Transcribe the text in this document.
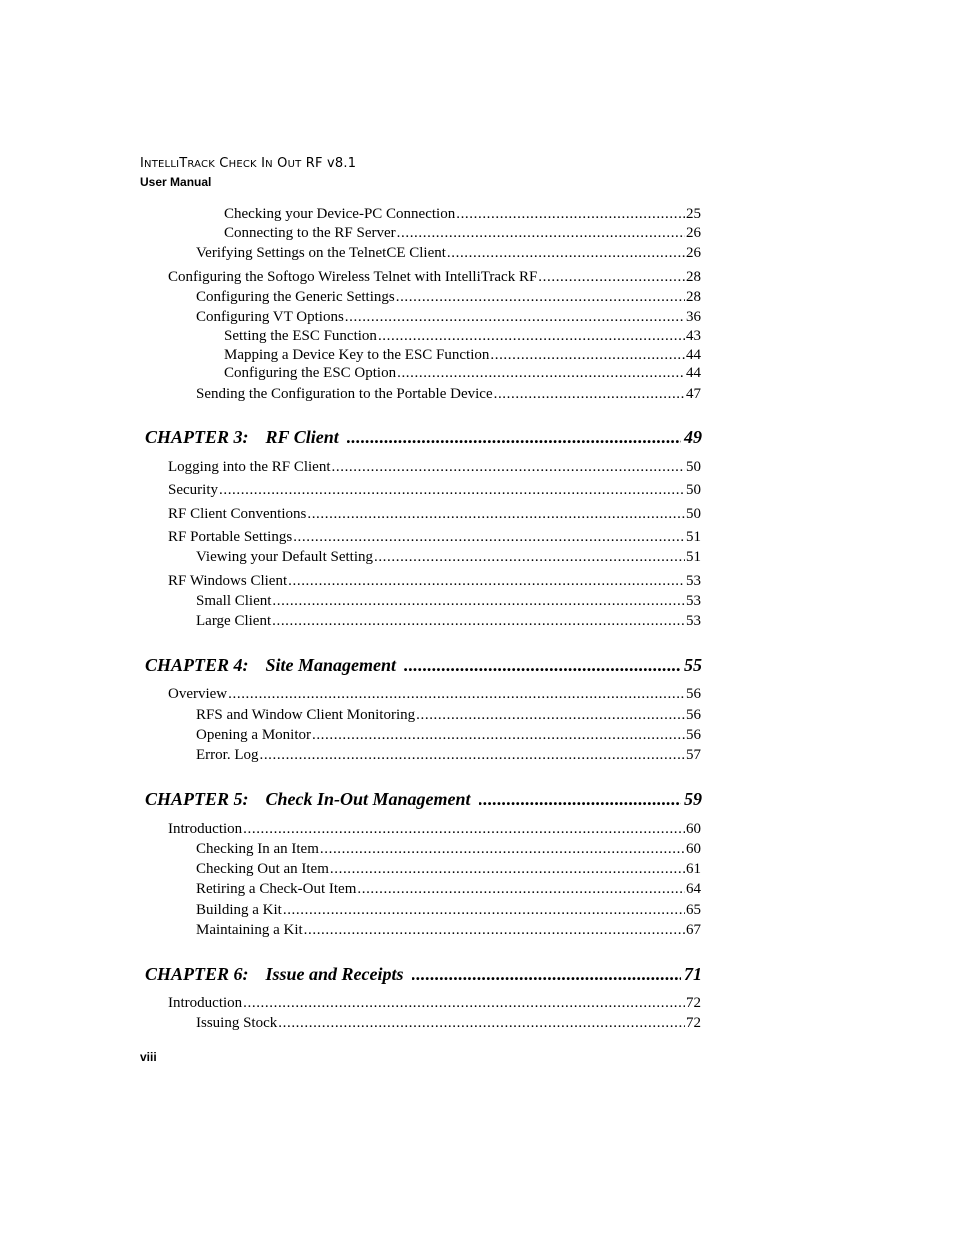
INTELLITRACK CHECK IN OUT RF v8.1
User Manual
Checking your Device-PC Connection .....	25
Connecting to the RF Server .....	26
Verifying Settings on the TelnetCE Client .....	26
Configuring the Softogo Wireless Telnet with IntelliTrack RF .....	28
Configuring the Generic Settings .....	28
Configuring VT Options .....	36
Setting the ESC Function .....	43
Mapping a Device Key to the ESC Function .....	44
Configuring the ESC Option .....	44
Sending the Configuration to the Portable Device .....	47
CHAPTER 3: RF Client .....	49
Logging into the RF Client .....	50
Security .....	50
RF Client Conventions .....	50
RF Portable Settings .....	51
Viewing your Default Setting .....	51
RF Windows Client .....	53
Small Client .....	53
Large Client .....	53
CHAPTER 4: Site Management .....	55
Overview .....	56
RFS and Window Client Monitoring .....	56
Opening a Monitor .....	56
Error. Log .....	57
CHAPTER 5: Check In-Out Management .....	59
Introduction .....	60
Checking In an Item .....	60
Checking Out an Item .....	61
Retiring a Check-Out Item .....	64
Building a Kit .....	65
Maintaining a Kit .....	67
CHAPTER 6: Issue and Receipts .....	71
Introduction .....	72
Issuing Stock .....	72
viii
